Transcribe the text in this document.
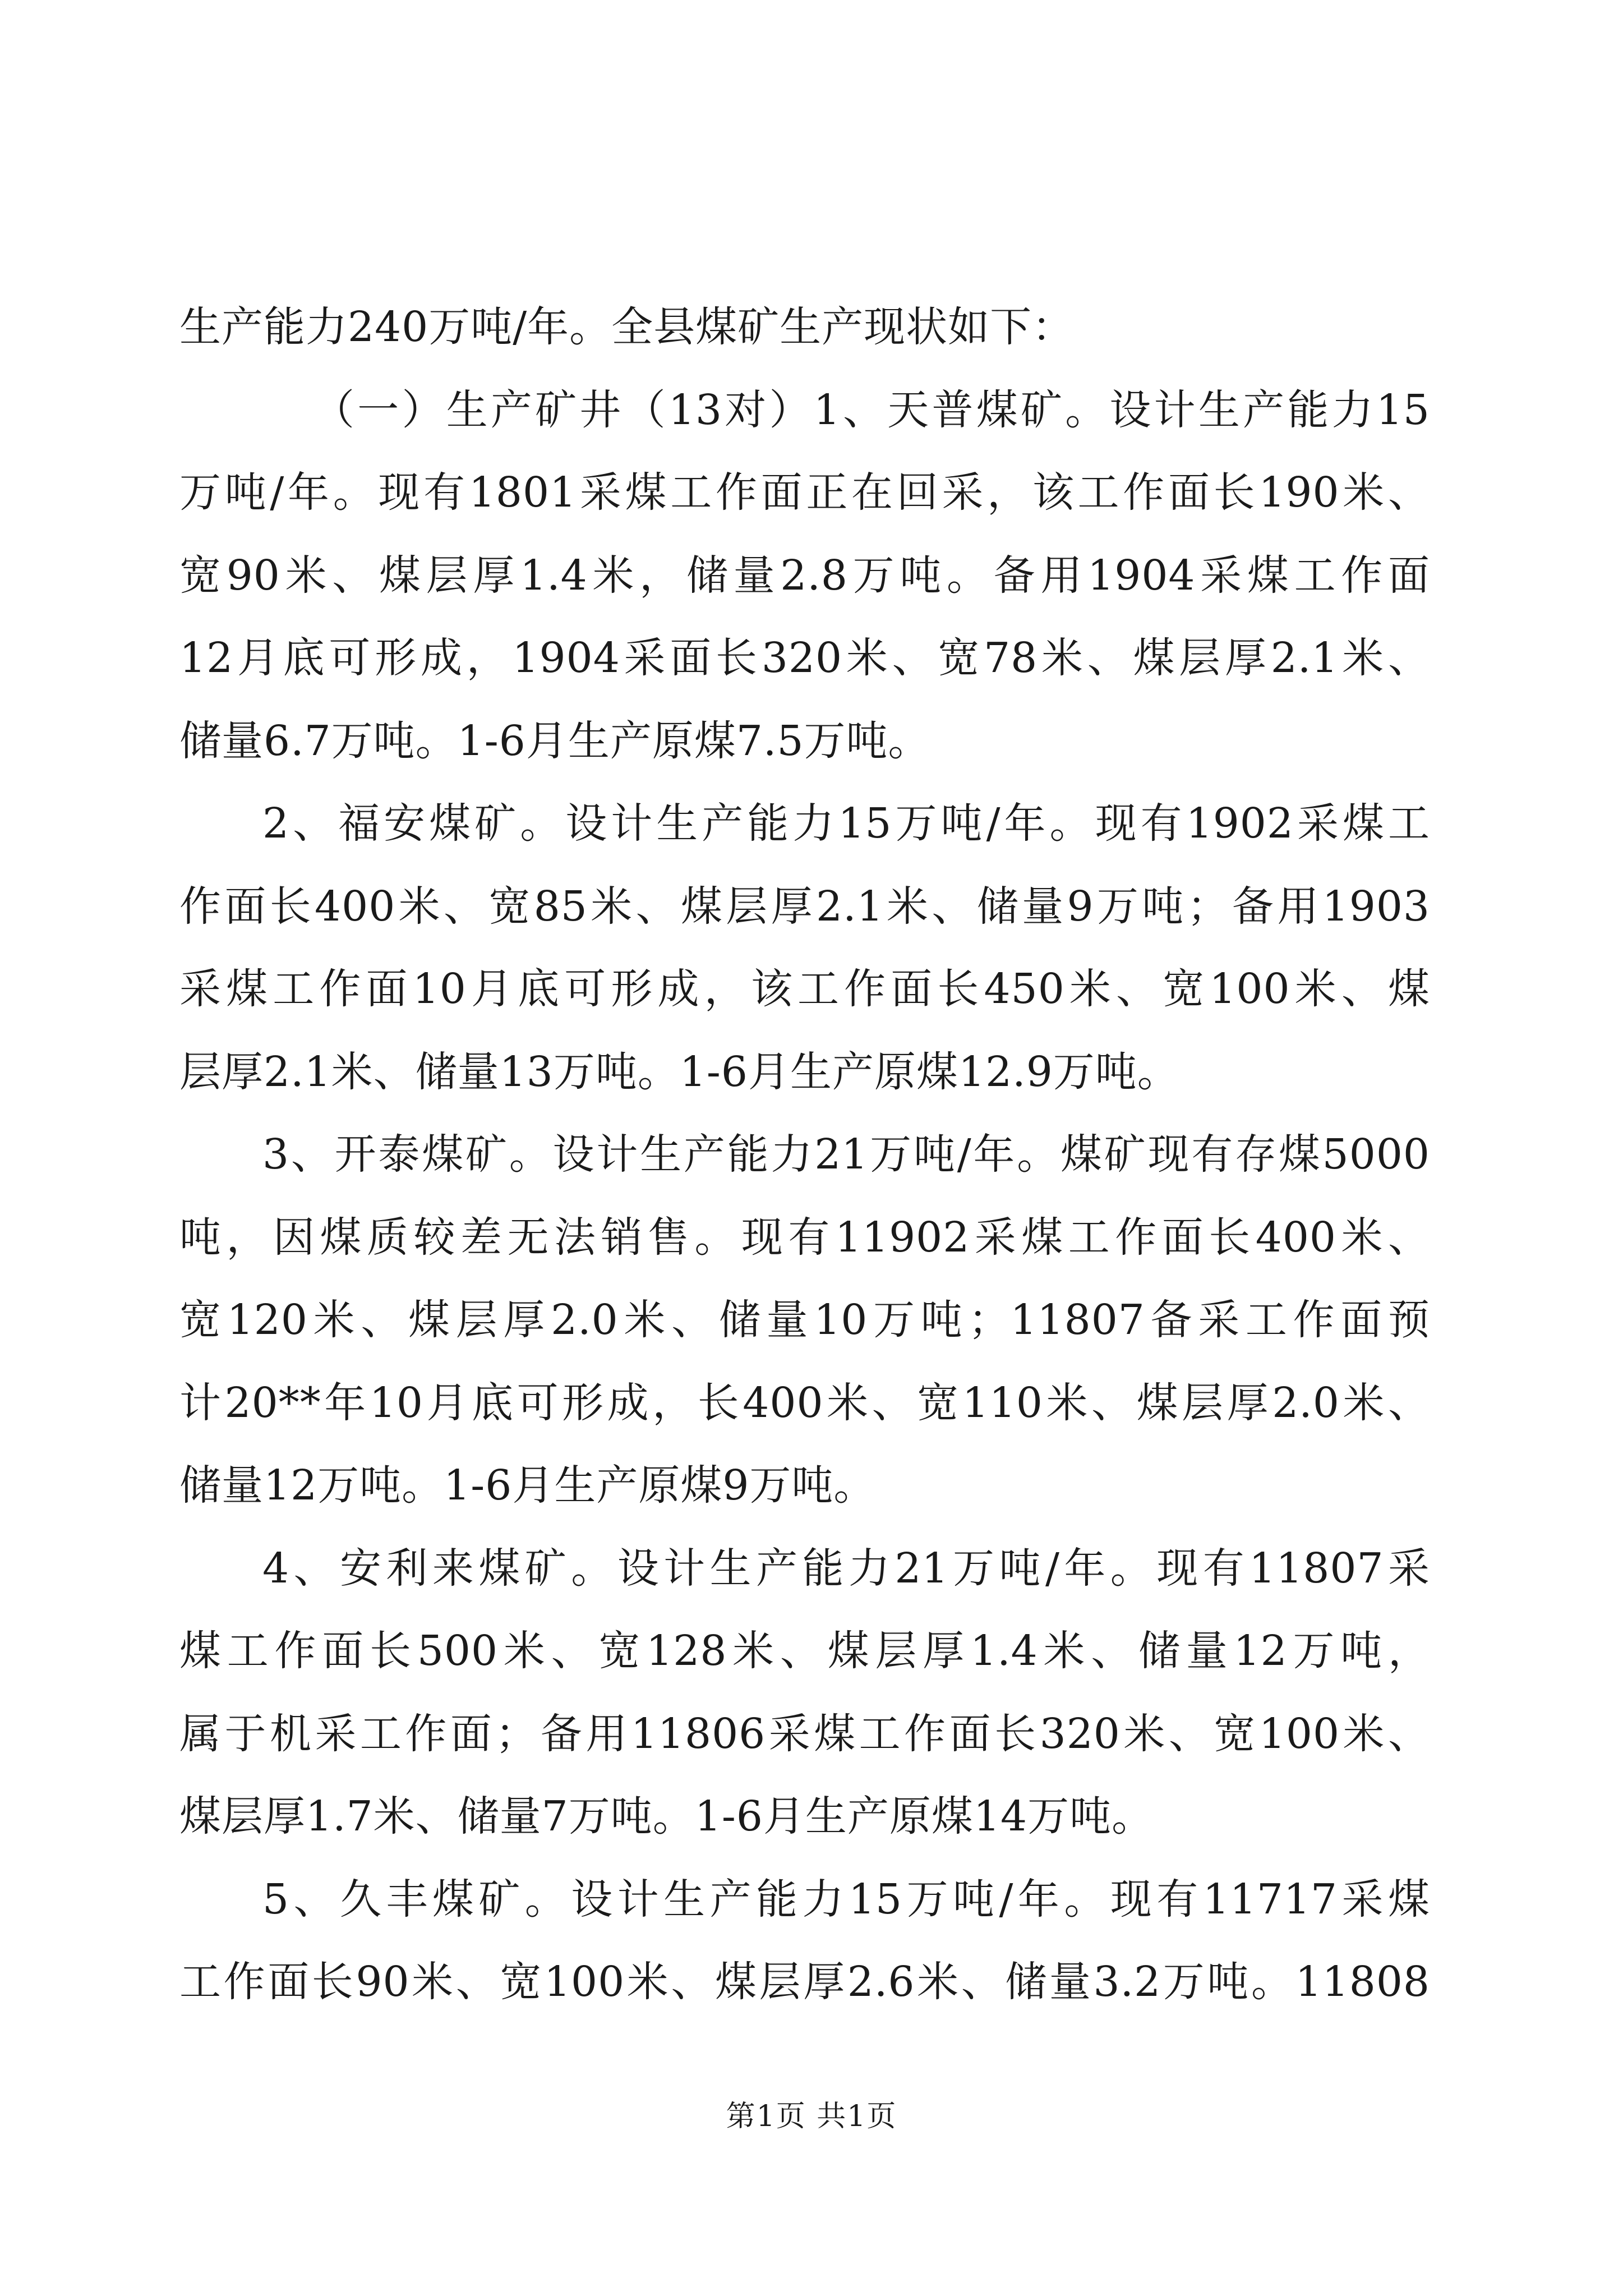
生产能力240万吨/年。全县煤矿生产现状如下：
（一）生产矿井（13对）1、天普煤矿。设计生产能力15
万吨/年。现有1801采煤工作面正在回采，该工作面长190米、
宽90米、煤层厚1.4米，储量2.8万吨。备用1904采煤工作面
12月底可形成，1904采面长320米、宽78米、煤层厚2.1米、
储量6.7万吨。1-6月生产原煤7.5万吨。
2、福安煤矿。设计生产能力15万吨/年。现有1902采煤工
作面长400米、宽85米、煤层厚2.1米、储量9万吨；备用1903
采煤工作面10月底可形成，该工作面长450米、宽100米、煤
层厚2.1米、储量13万吨。1-6月生产原煤12.9万吨。
3、开泰煤矿。设计生产能力21万吨/年。煤矿现有存煤5000
吨，因煤质较差无法销售。现有11902采煤工作面长400米、
宽120米、煤层厚2.0米、储量10万吨；11807备采工作面预
计20**年10月底可形成，长400米、宽110米、煤层厚2.0米、
储量12万吨。1-6月生产原煤9万吨。
4、安利来煤矿。设计生产能力21万吨/年。现有11807采
煤工作面长500米、宽128米、煤层厚1.4米、储量12万吨，
属于机采工作面；备用11806采煤工作面长320米、宽100米、
煤层厚1.7米、储量7万吨。1-6月生产原煤14万吨。
5、久丰煤矿。设计生产能力15万吨/年。现有11717采煤
工作面长90米、宽100米、煤层厚2.6米、储量3.2万吨。11808
第1页 共1页
